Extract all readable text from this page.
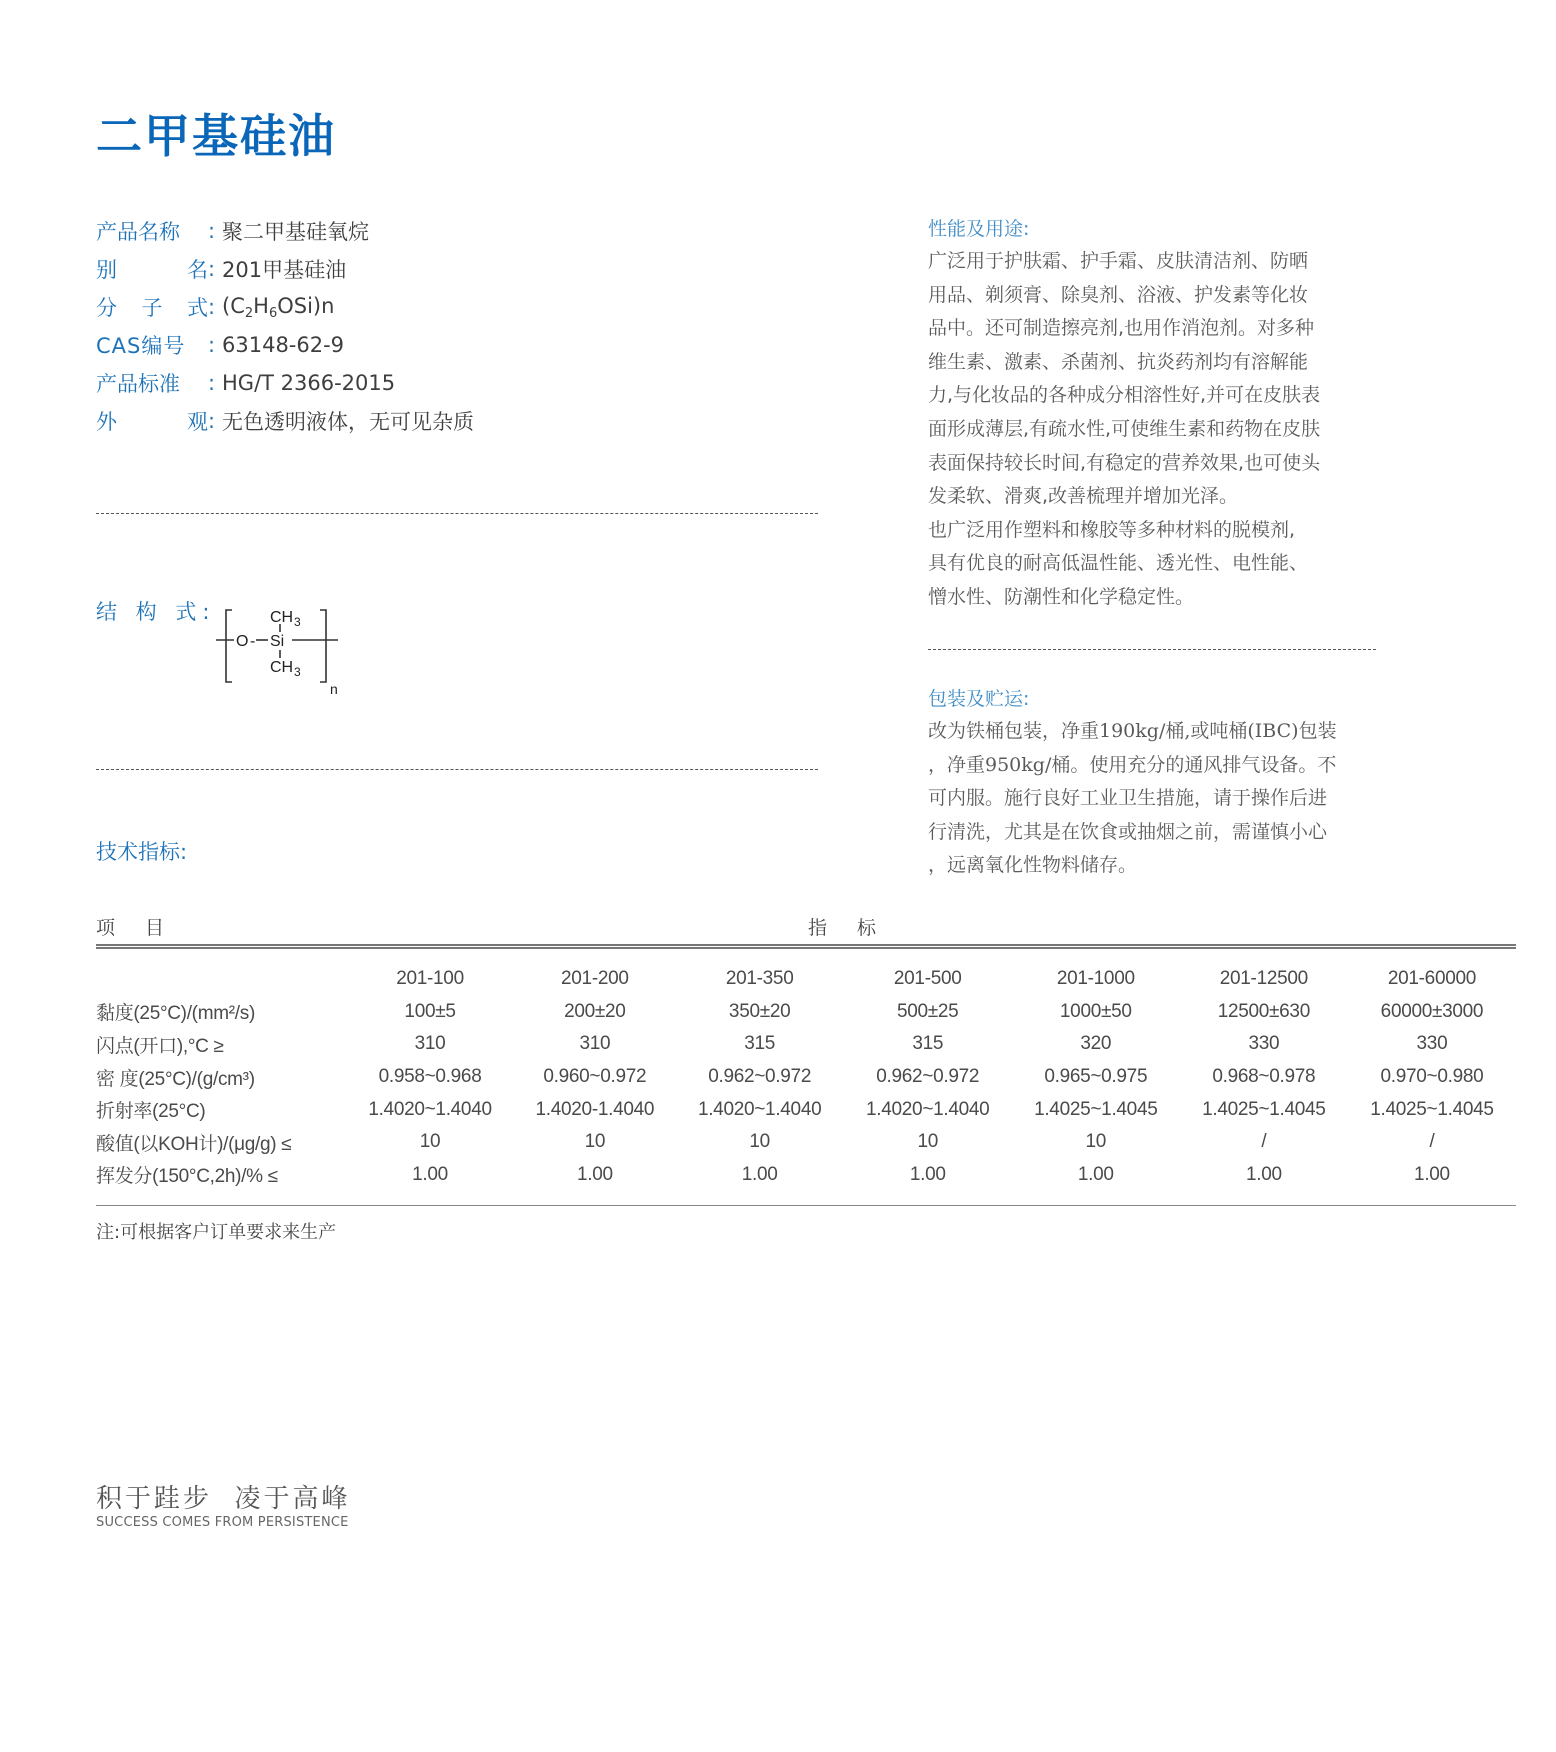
二甲基硅油
产品名称	: 聚二甲基硅氧烷
别	名 : 201甲基硅油
分 子 式 : $(C_2H_6OSi)n$
CAS编号	: 63148-62-9
产品标准	: HG/T 2366-2015
外	观 : 无色透明液体，无可见杂质
结 构 式:	CH 3
O - Si
CH 3
n
技术指标:
性能及用途:
广泛用于护肤霜、护手霜、皮肤清洁剂、防晒
用品、剃须膏、除臭剂、浴液、护发素等化妆
品中。还可制造擦亮剂,也用作消泡剂。对多种
维生素、激素、杀菌剂、抗炎药剂均有溶解能
力,与化妆品的各种成分相溶性好,并可在皮肤表
面形成薄层,有疏水性,可使维生素和药物在皮肤
表面保持较长时间,有稳定的营养效果,也可使头
发柔软、滑爽,改善梳理并增加光泽。
也广泛用作塑料和橡胶等多种材料的脱模剂,
具有优良的耐高低温性能、透光性、电性能、
憎水性、防潮性和化学稳定性。
包装及贮运:
改为铁桶包装，净重190kg/桶,或吨桶(IBC)包装
，净重950kg/桶。使用充分的通风排气设备。不
可内服。施行良好工业卫生措施，请于操作后进
行清洗，尤其是在饮食或抽烟之前，需谨慎小心
，远离氧化性物料储存。
项 目	指 标
	201-100	201-200	201-350	201-500	201-1000	201-12500	201-60000
黏度(25°C)/(mm²/s)	100±5	200±20	350±20	500±25	1000±50	12500±630	60000±3000
闪点(开口),°C ≥	310	310	315	315	320	330	330
密 度(25°C)/(g/cm³)	0.958~0.968	0.960~0.972	0.962~0.972	0.962~0.972	0.965~0.975	0.968~0.978	0.970~0.980
折射率(25°C)	1.4020~1.4040	1.4020-1.4040	1.4020~1.4040	1.4020~1.4040	1.4025~1.4045	1.4025~1.4045	1.4025~1.4045
酸值(以KOH计)/(μg/g) ≤	10	10	10	10	10	/	/
挥发分(150°C,2h)/% ≤	1.00	1.00	1.00	1.00	1.00	1.00	1.00
注:可根据客户订单要求来生产
积于跬步  凌于高峰
SUCCESS COMES FROM PERSISTENCE
